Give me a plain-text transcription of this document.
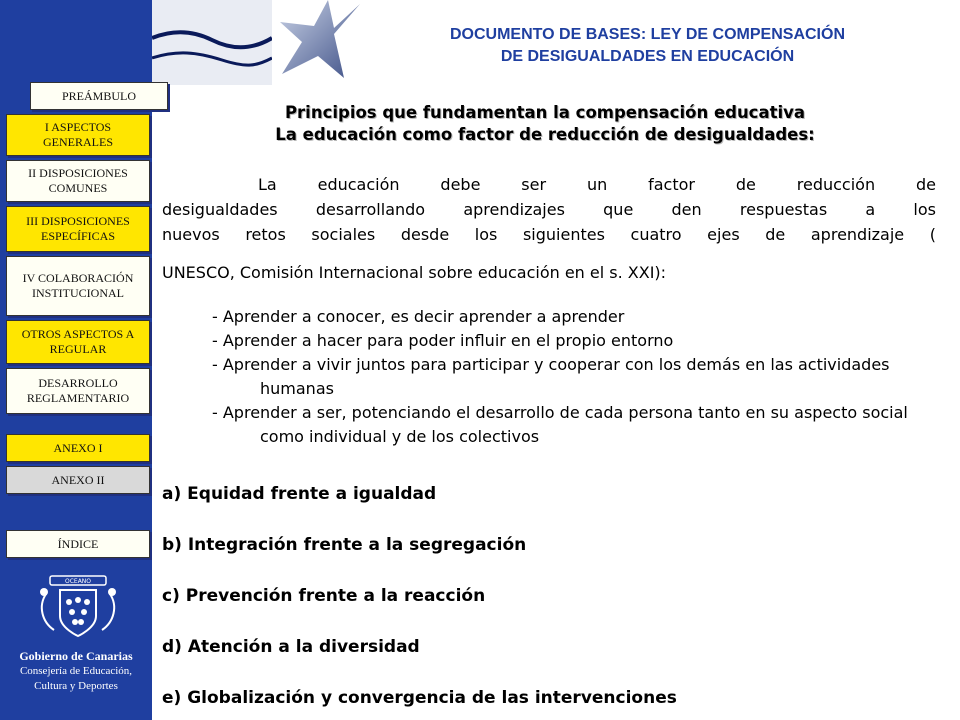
DOCUMENTO DE BASES: LEY DE COMPENSACIÓN
DE DESIGUALDADES EN EDUCACIÓN
PREÁMBULO
I ASPECTOS GENERALES
II DISPOSICIONES COMUNES
III DISPOSICIONES ESPECÍFICAS
IV COLABORACIÓN INSTITUCIONAL
OTROS ASPECTOS A REGULAR
DESARROLLO REGLAMENTARIO
ANEXO I
ANEXO II
ÍNDICE
OCEANO
Gobierno de Canarias
Consejería de Educación,
Cultura y Deportes
Principios que fundamentan la compensación educativa
La educación como factor de reducción de desigualdades:
La educación debe ser un factor de reducción de
desigualdades desarrollando aprendizajes que den respuestas a los
nuevos retos sociales desde los siguientes cuatro ejes de aprendizaje (
UNESCO, Comisión Internacional sobre educación en el s. XXI):
- Aprender a conocer, es decir aprender a aprender
- Aprender a hacer para poder influir en el propio entorno
- Aprender a vivir juntos para participar y cooperar con los demás en las actividades humanas
- Aprender a ser, potenciando el desarrollo de cada persona tanto en su aspecto social como individual y de los colectivos
a) Equidad frente a igualdad
b) Integración frente a la segregación
c) Prevención frente a la reacción
d) Atención a la diversidad
e) Globalización y convergencia de las intervenciones
